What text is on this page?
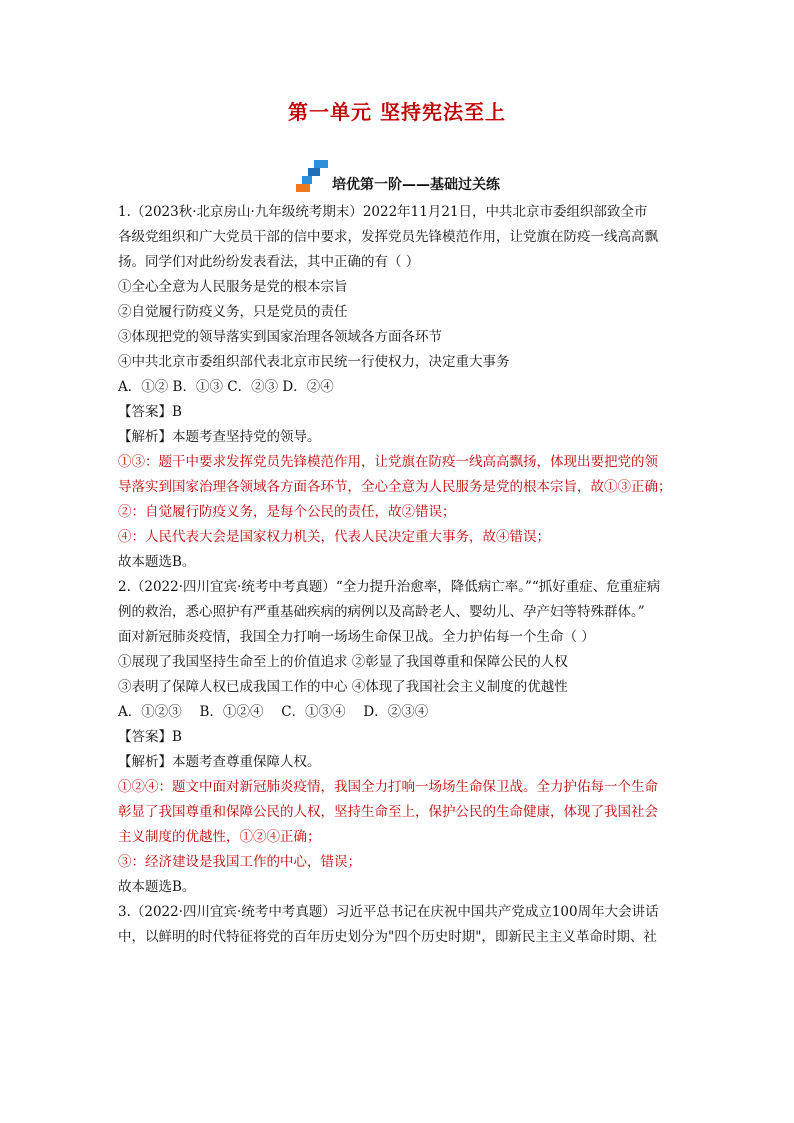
第一单元 坚持宪法至上
培优第一阶——基础过关练
1.（2023秋·北京房山·九年级统考期末）2022年11月21日，中共北京市委组织部致全市
各级党组织和广大党员干部的信中要求，发挥党员先锋模范作用，让党旗在防疫一线高高飘
扬。同学们对此纷纷发表看法，其中正确的有（ ）
①全心全意为人民服务是党的根本宗旨
②自觉履行防疫义务，只是党员的责任
③体现把党的领导落实到国家治理各领域各方面各环节
④中共北京市委组织部代表北京市民统一行使权力，决定重大事务
A．①② B．①③ C．②③ D．②④
【答案】B
【解析】本题考查坚持党的领导。
①③：题干中要求发挥党员先锋模范作用，让党旗在防疫一线高高飘扬，体现出要把党的领
导落实到国家治理各领域各方面各环节，全心全意为人民服务是党的根本宗旨，故①③正确；
②：自觉履行防疫义务，是每个公民的责任，故②错误；
④：人民代表大会是国家权力机关，代表人民决定重大事务，故④错误；
故本题选B。
2.（2022·四川宜宾·统考中考真题）“全力提升治愈率，降低病亡率。”“抓好重症、危重症病
例的救治，悉心照护有严重基础疾病的病例以及高龄老人、婴幼儿、孕产妇等特殊群体。”
面对新冠肺炎疫情，我国全力打响一场场生命保卫战。全力护佑每一个生命（ ）
①展现了我国坚持生命至上的价值追求 ②彰显了我国尊重和保障公民的人权
③表明了保障人权已成我国工作的中心 ④体现了我国社会主义制度的优越性
A．①②③　 B．①②④　 C．①③④　 D．②③④
【答案】B
【解析】本题考查尊重保障人权。
①②④：题文中面对新冠肺炎疫情，我国全力打响一场场生命保卫战。全力护佑每一个生命
彰显了我国尊重和保障公民的人权，坚持生命至上，保护公民的生命健康，体现了我国社会
主义制度的优越性，①②④正确；
③：经济建设是我国工作的中心，错误；
故本题选B。
3.（2022·四川宜宾·统考中考真题）习近平总书记在庆祝中国共产党成立100周年大会讲话
中，以鲜明的时代特征将党的百年历史划分为"四个历史时期"，即新民主主义革命时期、社
